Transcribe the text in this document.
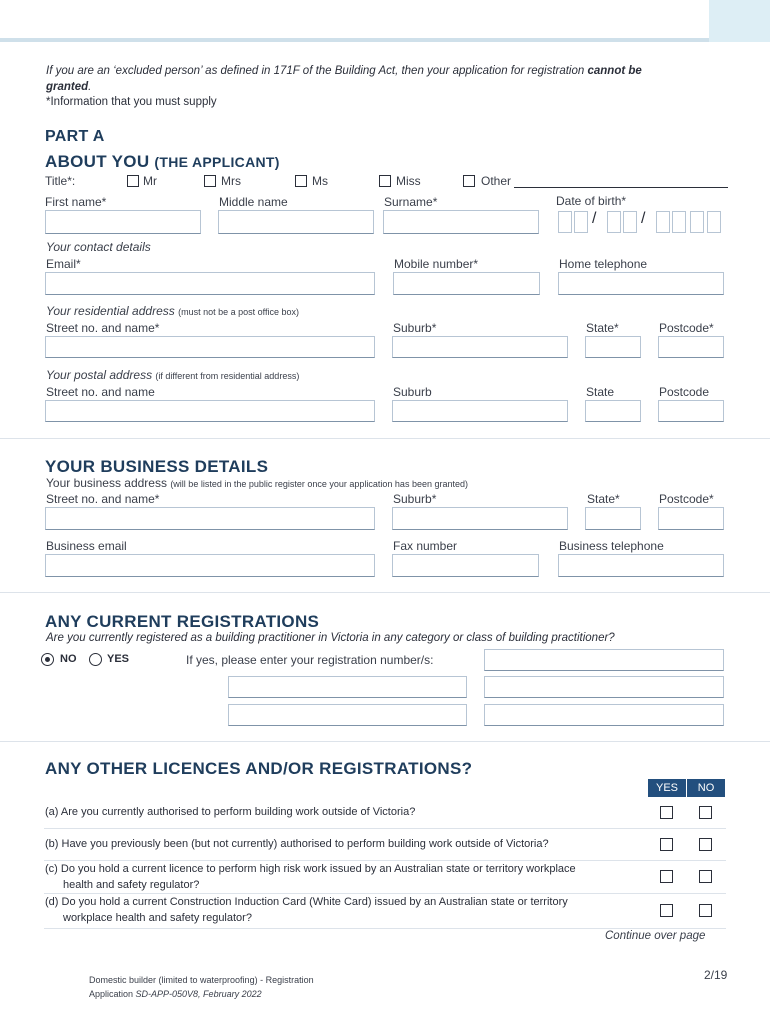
If you are an ‘excluded person’ as defined in 171F of the Building Act, then your application for registration cannot be
granted.
*Information that you must supply
PART A
ABOUT YOU (THE APPLICANT)
Title*:	Mr	Mrs	Ms	Miss	Other
First name*	Middle name	Surname*	Date of birth*
/	/
Your contact details
Email*	Mobile number*	Home telephone
Your residential address (must not be a post office box)
Street no. and name*	Suburb*	State*	Postcode*
Your postal address (if different from residential address)
Street no. and name	Suburb	State	Postcode
YOUR BUSINESS DETAILS
Your business address (will be listed in the public register once your application has been granted)
Street no. and name*	Suburb*	State*	Postcode*
Business email	Fax number	Business telephone
ANY CURRENT REGISTRATIONS
Are you currently registered as a building practitioner in Victoria in any category or class of building practitioner?
NO	YES	If yes, please enter your registration number/s:
ANY OTHER LICENCES AND/OR REGISTRATIONS?
YES	NO
(a) Are you currently authorised to perform building work outside of Victoria?
(b) Have you previously been (but not currently) authorised to perform building work outside of Victoria?
(c) Do you hold a current licence to perform high risk work issued by an Australian state or territory workplace
health and safety regulator?
(d) Do you hold a current Construction Induction Card (White Card) issued by an Australian state or territory
workplace health and safety regulator?
Continue over page
Domestic builder (limited to waterproofing) - Registration
Application SD-APP-050V8, February 2022
2/19
